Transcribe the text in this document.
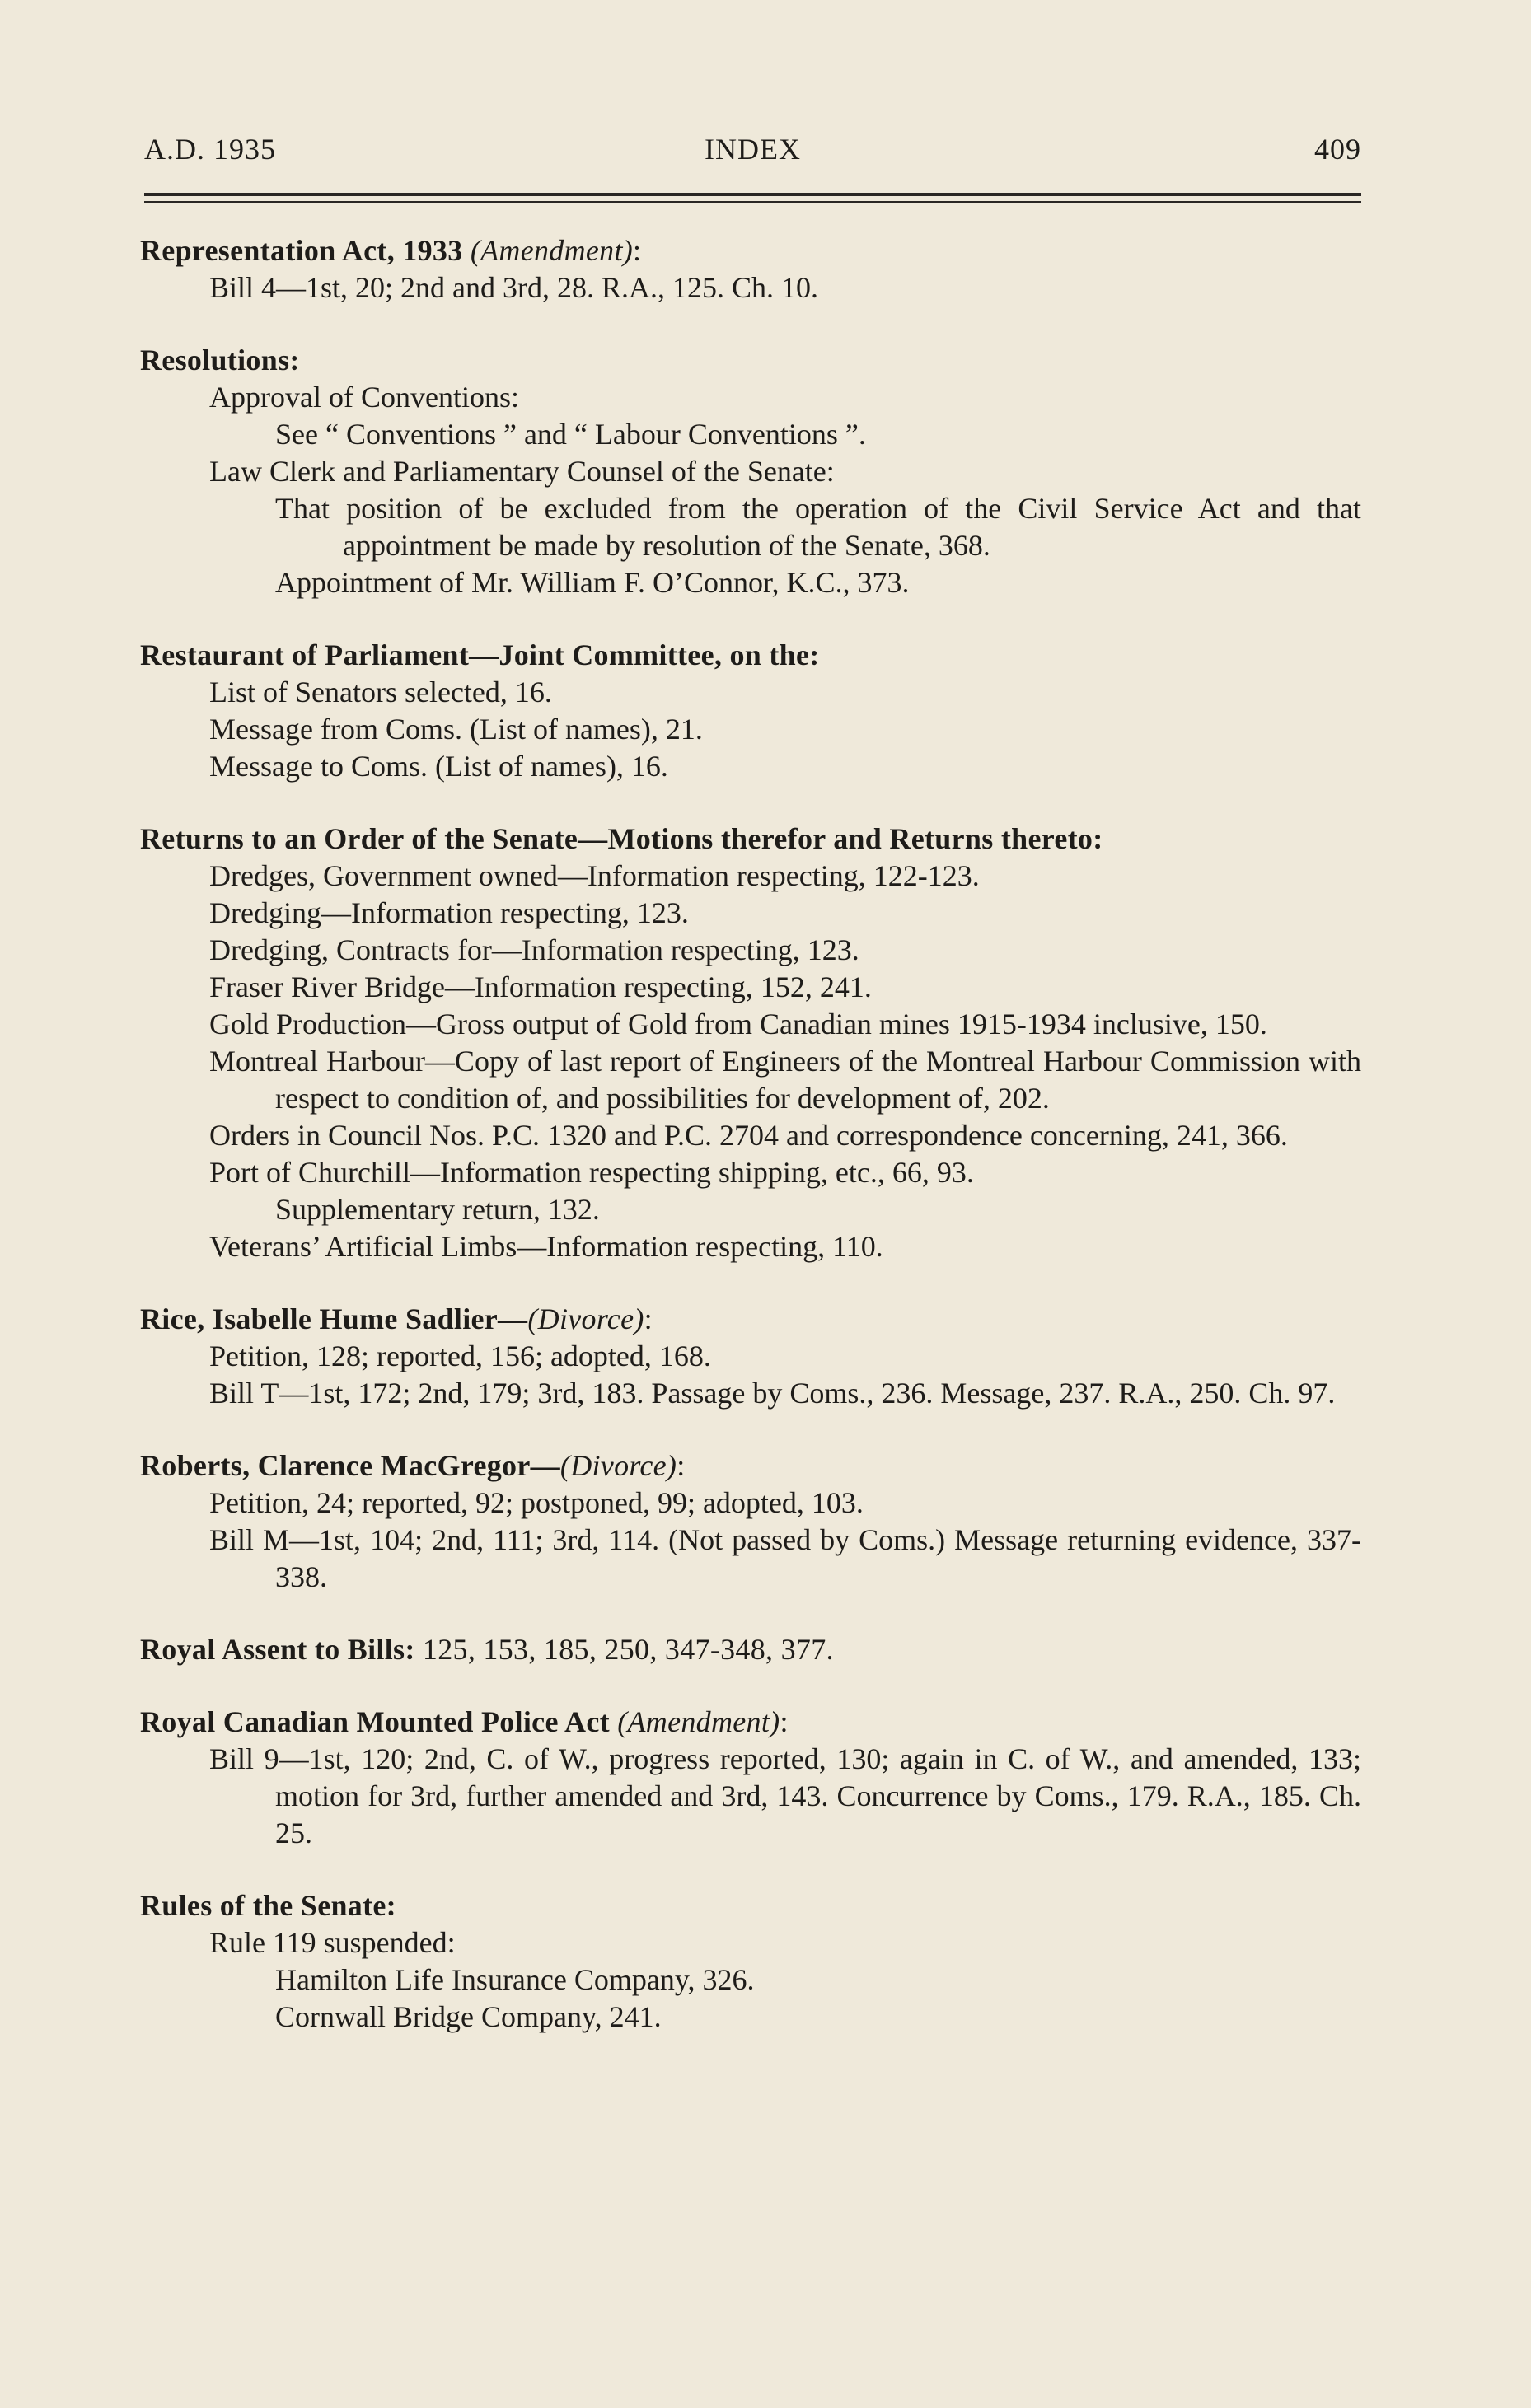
A.D. 1935	INDEX	409
Representation Act, 1933 (Amendment):
Bill 4—1st, 20; 2nd and 3rd, 28. R.A., 125. Ch. 10.
Resolutions:
Approval of Conventions:
See “ Conventions ” and “ Labour Conventions ”.
Law Clerk and Parliamentary Counsel of the Senate:
That position of be excluded from the operation of the Civil Service Act and that appointment be made by resolution of the Senate, 368.
Appointment of Mr. William F. O’Connor, K.C., 373.
Restaurant of Parliament—Joint Committee, on the:
List of Senators selected, 16.
Message from Coms. (List of names), 21.
Message to Coms. (List of names), 16.
Returns to an Order of the Senate—Motions therefor and Returns thereto:
Dredges, Government owned—Information respecting, 122-123.
Dredging—Information respecting, 123.
Dredging, Contracts for—Information respecting, 123.
Fraser River Bridge—Information respecting, 152, 241.
Gold Production—Gross output of Gold from Canadian mines 1915-1934 inclusive, 150.
Montreal Harbour—Copy of last report of Engineers of the Montreal Harbour Commission with respect to condition of, and possibilities for development of, 202.
Orders in Council Nos. P.C. 1320 and P.C. 2704 and correspondence concerning, 241, 366.
Port of Churchill—Information respecting shipping, etc., 66, 93.
Supplementary return, 132.
Veterans’ Artificial Limbs—Information respecting, 110.
Rice, Isabelle Hume Sadlier—(Divorce):
Petition, 128; reported, 156; adopted, 168.
Bill T—1st, 172; 2nd, 179; 3rd, 183. Passage by Coms., 236. Message, 237. R.A., 250. Ch. 97.
Roberts, Clarence MacGregor—(Divorce):
Petition, 24; reported, 92; postponed, 99; adopted, 103.
Bill M—1st, 104; 2nd, 111; 3rd, 114. (Not passed by Coms.) Message returning evidence, 337-338.
Royal Assent to Bills: 125, 153, 185, 250, 347-348, 377.
Royal Canadian Mounted Police Act (Amendment):
Bill 9—1st, 120; 2nd, C. of W., progress reported, 130; again in C. of W., and amended, 133; motion for 3rd, further amended and 3rd, 143. Concurrence by Coms., 179. R.A., 185. Ch. 25.
Rules of the Senate:
Rule 119 suspended:
Hamilton Life Insurance Company, 326.
Cornwall Bridge Company, 241.
